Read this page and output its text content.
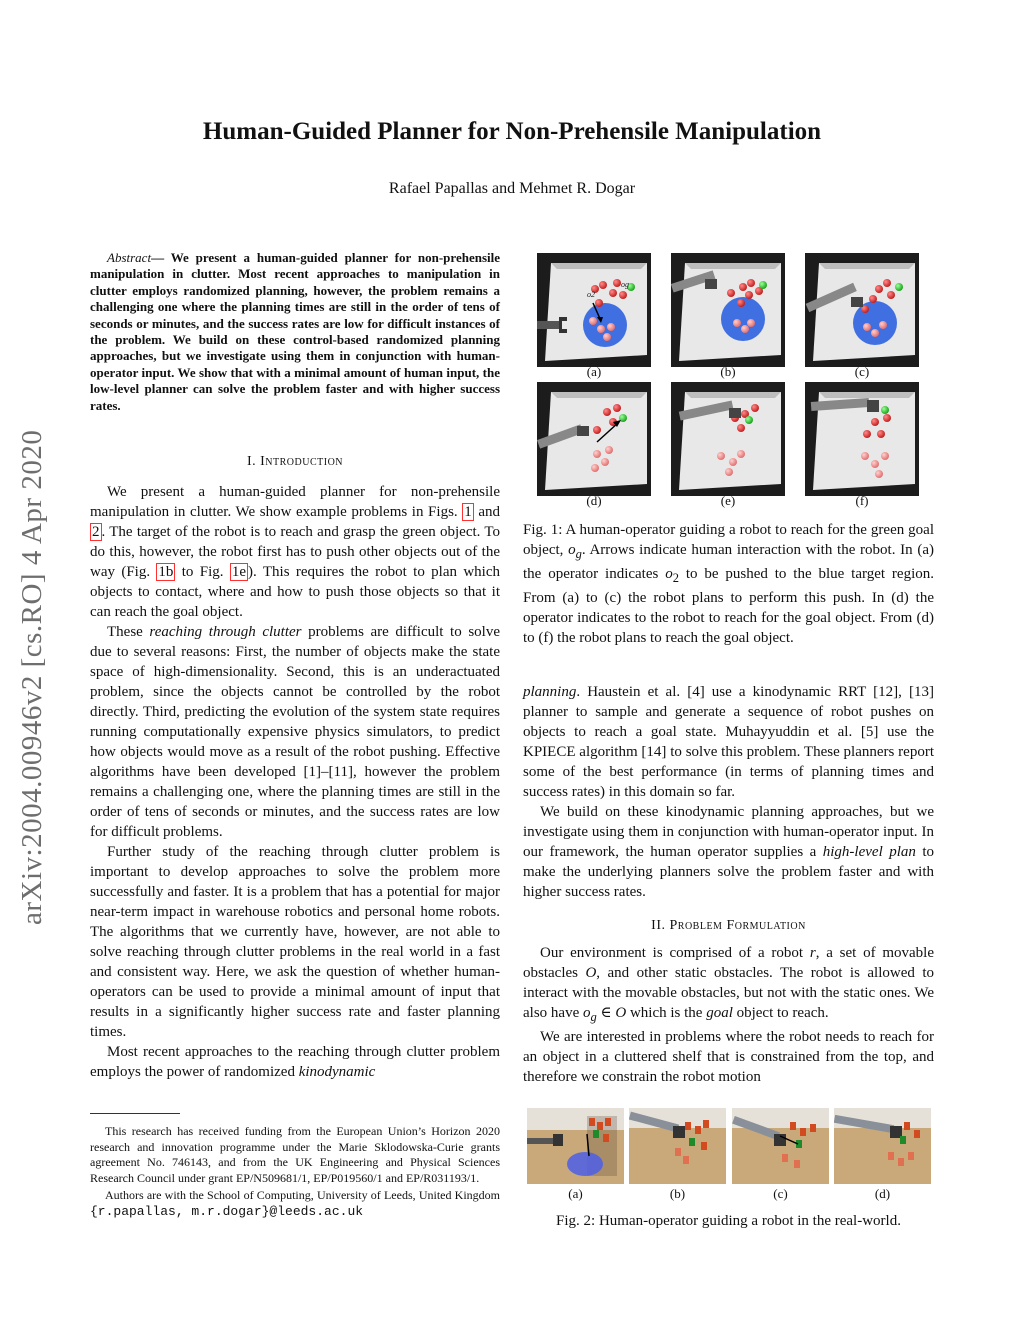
Human-Guided Planner for Non-Prehensile Manipulation
Rafael Papallas and Mehmet R. Dogar
arXiv:2004.00946v2 [cs.RO] 4 Apr 2020

Abstract— We present a human-guided planner for non-prehensile manipulation in clutter. Most recent approaches to manipulation in clutter employs randomized planning, however, the problem remains a challenging one where the planning times are still in the order of tens of seconds or minutes, and the success rates are low for difficult instances of the problem. We build on these control-based randomized planning approaches, but we investigate using them in conjunction with human-operator input. We show that with a minimal amount of human input, the low-level planner can solve the problem faster and with higher success rates.

I. Introduction

We present a human-guided planner for non-prehensile manipulation in clutter. We show example problems in Figs. 1 and 2 . The target of the robot is to reach and grasp the green object. To do this, however, the robot first has to push other objects out of the way (Fig. 1b to Fig. 1e ). This requires the robot to plan which objects to contact, where and how to push those objects so that it can reach the goal object.

These reaching through clutter problems are difficult to solve due to several reasons: First, the number of objects make the state space of high-dimensionality. Second, this is an underactuated problem, since the objects cannot be controlled by the robot directly. Third, predicting the evolution of the system state requires running computationally expensive physics simulators, to predict how objects would move as a result of the robot pushing. Effective algorithms have been developed [1]–[11], however the problem remains a challenging one, where the planning times are still in the order of tens of seconds or minutes, and the success rates are low for difficult problems.

Further study of the reaching through clutter problem is important to develop approaches to solve the problem more successfully and faster. It is a problem that has a potential for major near-term impact in warehouse robotics and personal home robots. The algorithms that we currently have, however, are not able to solve reaching through clutter problems in the real world in a fast and consistent way. Here, we ask the question of whether human-operators can be used to provide a minimal amount of input that results in a significantly higher success rate and faster planning times.

Most recent approaches to the reaching through clutter problem employs the power of randomized kinodynamic

This research has received funding from the European Union’s Horizon 2020 research and innovation programme under the Marie Sklodowska-Curie grants agreement No. 746143, and from the UK Engineering and Physical Sciences Research Council under grant EP/N509681/1, EP/P019560/1 and EP/R031193/1.

Authors are with the School of Computing, University of Leeds, United Kingdom {r.papallas, m.r.dogar}@leeds.ac.uk

o2
og
(a)	(b)	(c)
(d)	(e)	(f)

Fig. 1: A human-operator guiding a robot to reach for the green goal object, $o_g$. Arrows indicate human interaction with the robot. In (a) the operator indicates $o_2$ to be pushed to the blue target region. From (a) to (c) the robot plans to perform this push. In (d) the operator indicates to the robot to reach for the goal object. From (d) to (f) the robot plans to reach the goal object.

planning. Haustein et al. [4] use a kinodynamic RRT [12], [13] planner to sample and generate a sequence of robot pushes on objects to reach a goal state. Muhayyuddin et al. [5] use the KPIECE algorithm [14] to solve this problem. These planners report some of the best performance (in terms of planning times and success rates) in this domain so far.

We build on these kinodynamic planning approaches, but we investigate using them in conjunction with human-operator input. In our framework, the human operator supplies a high-level plan to make the underlying planners solve the problem faster and with higher success rates.

II. Problem Formulation

Our environment is comprised of a robot r, a set of movable obstacles O, and other static obstacles. The robot is allowed to interact with the movable obstacles, but not with the static ones. We also have $o_g$ ∈ O which is the goal object to reach.

We are interested in problems where the robot needs to reach for an object in a cluttered shelf that is constrained from the top, and therefore we constrain the robot motion

(a)	(b)	(c)	(d)
Fig. 2: Human-operator guiding a robot in the real-world.
